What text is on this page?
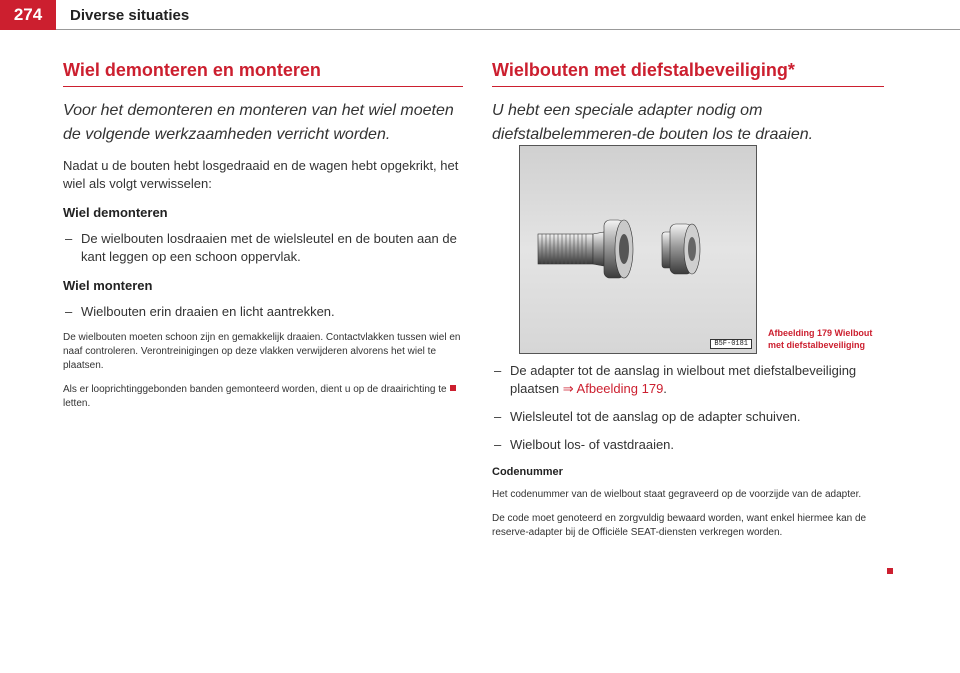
274	Diverse situaties
Wiel demonteren en monteren

Voor het demonteren en monteren van het wiel moeten de volgende werkzaamheden verricht worden.

Nadat u de bouten hebt losgedraaid en de wagen hebt opgekrikt, het wiel als volgt verwisselen:

Wiel demonteren
– De wielbouten losdraaien met de wielsleutel en de bouten aan de kant leggen op een schoon oppervlak.
Wiel monteren
– Wielbouten erin draaien en licht aantrekken.

De wielbouten moeten schoon zijn en gemakkelijk draaien. Contactvlakken tussen wiel en naaf controleren. Verontreinigingen op deze vlakken verwijderen alvorens het wiel te plaatsen.

Als er looprichtinggebonden banden gemonteerd worden, dient u op de draairichting te letten.

Wielbouten met diefstalbeveiliging*

U hebt een speciale adapter nodig om diefstalbelemmeren-de bouten los te draaien.

B5F-0181
Afbeelding 179 Wielbout met diefstalbeveiliging
– De adapter tot de aanslag in wielbout met diefstalbeveiliging plaatsen ⇒ Afbeelding 179.
– Wielsleutel tot de aanslag op de adapter schuiven.
– Wielbout los- of vastdraaien.
Codenummer

Het codenummer van de wielbout staat gegraveerd op de voorzijde van de adapter.

De code moet genoteerd en zorgvuldig bewaard worden, want enkel hiermee kan de reserve-adapter bij de Officiële SEAT-diensten verkregen worden.
